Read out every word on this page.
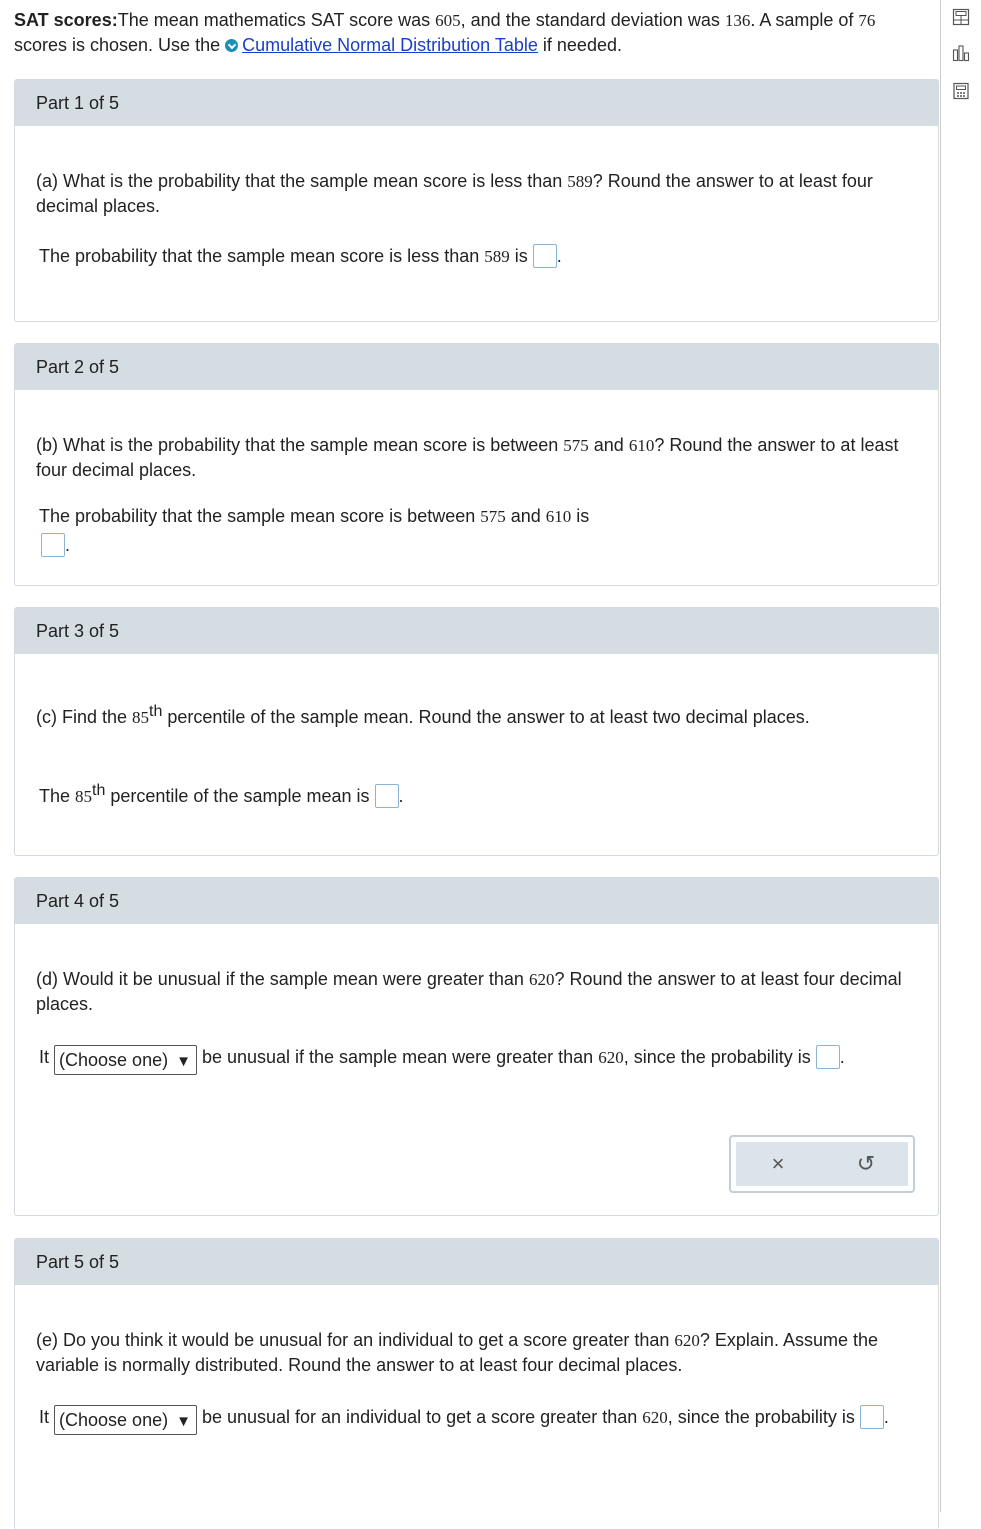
SAT scores:The mean mathematics SAT score was 605, and the standard deviation was 136. A sample of 76 scores is chosen. Use the Cumulative Normal Distribution Table if needed.
Part 1 of 5
(a) What is the probability that the sample mean score is less than 589? Round the answer to at least four decimal places.
The probability that the sample mean score is less than 589 is .
Part 2 of 5
(b) What is the probability that the sample mean score is between 575 and 610? Round the answer to at least four decimal places.
The probability that the sample mean score is between 575 and 610 is
.
Part 3 of 5
(c) Find the 85th percentile of the sample mean. Round the answer to at least two decimal places.
The 85th percentile of the sample mean is .
Part 4 of 5
(d) Would it be unusual if the sample mean were greater than 620? Round the answer to at least four decimal places.
It (Choose one) ▼ be unusual if the sample mean were greater than 620, since the probability is .
×	↺
Part 5 of 5
(e) Do you think it would be unusual for an individual to get a score greater than 620? Explain. Assume the variable is normally distributed. Round the answer to at least four decimal places.
It (Choose one) ▼ be unusual for an individual to get a score greater than 620, since the probability is .
